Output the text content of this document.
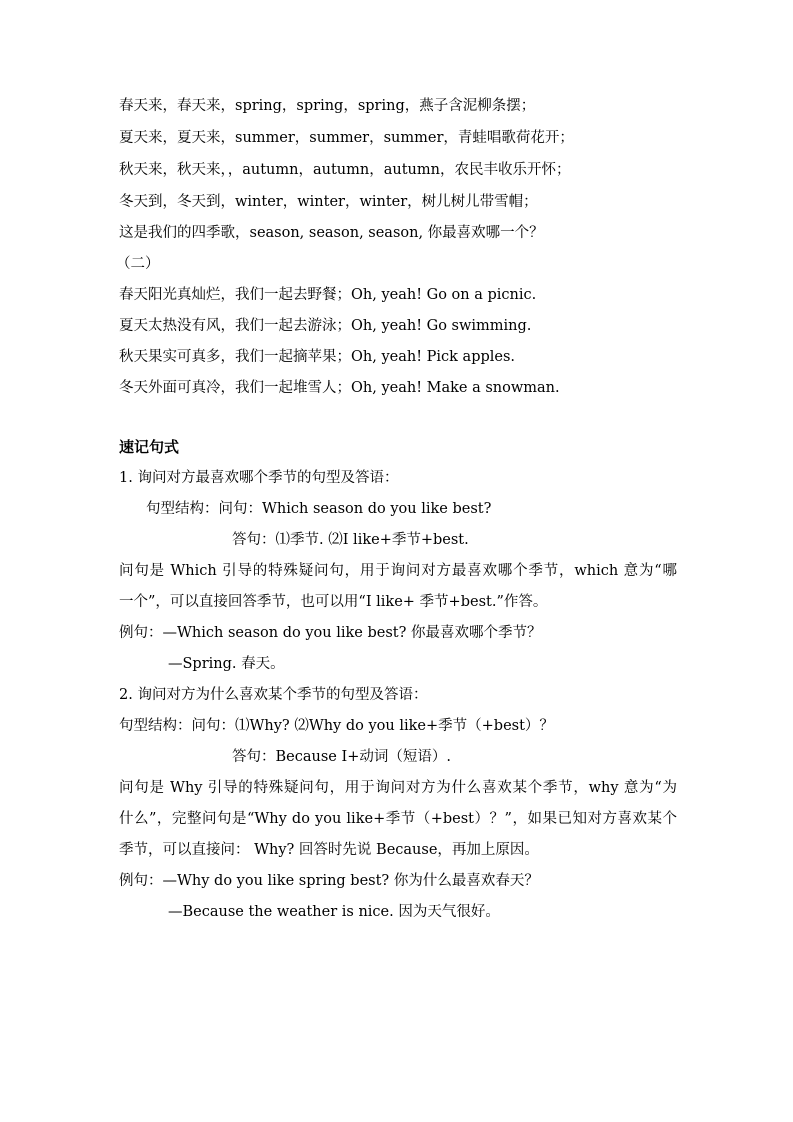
春天来，春天来，spring，spring，spring，燕子含泥柳条摆；
夏天来，夏天来，summer，summer，summer，青蛙唱歌荷花开；
秋天来，秋天来，，autumn，autumn，autumn，农民丰收乐开怀；
冬天到，冬天到，winter，winter，winter，树儿树儿带雪帽；
这是我们的四季歌，season, season, season, 你最喜欢哪一个？
（二）
春天阳光真灿烂，我们一起去野餐；Oh, yeah! Go on a picnic.
夏天太热没有风，我们一起去游泳；Oh, yeah! Go swimming.
秋天果实可真多，我们一起摘苹果；Oh, yeah! Pick apples.
冬天外面可真冷，我们一起堆雪人；Oh, yeah! Make a snowman.
速记句式
1. 询问对方最喜欢哪个季节的句型及答语：
句型结构：问句：Which season do you like best?
答句：⑴季节. ⑵I like+季节+best.
问句是 Which 引导的特殊疑问句，用于询问对方最喜欢哪个季节，which 意为“哪
一个”，可以直接回答季节，也可以用“I like+ 季节+best.”作答。
例句：—Which season do you like best? 你最喜欢哪个季节？
—Spring. 春天。
2. 询问对方为什么喜欢某个季节的句型及答语：
句型结构：问句：⑴Why? ⑵Why do you like+季节（+best）？
答句：Because I+动词（短语）.
问句是 Why 引导的特殊疑问句，用于询问对方为什么喜欢某个季节，why 意为“为
什么”，完整问句是“Why do you like+季节（+best）？”，如果已知对方喜欢某个
季节，可以直接问： Why? 回答时先说 Because，再加上原因。
例句：—Why do you like spring best? 你为什么最喜欢春天？
—Because the weather is nice. 因为天气很好。
